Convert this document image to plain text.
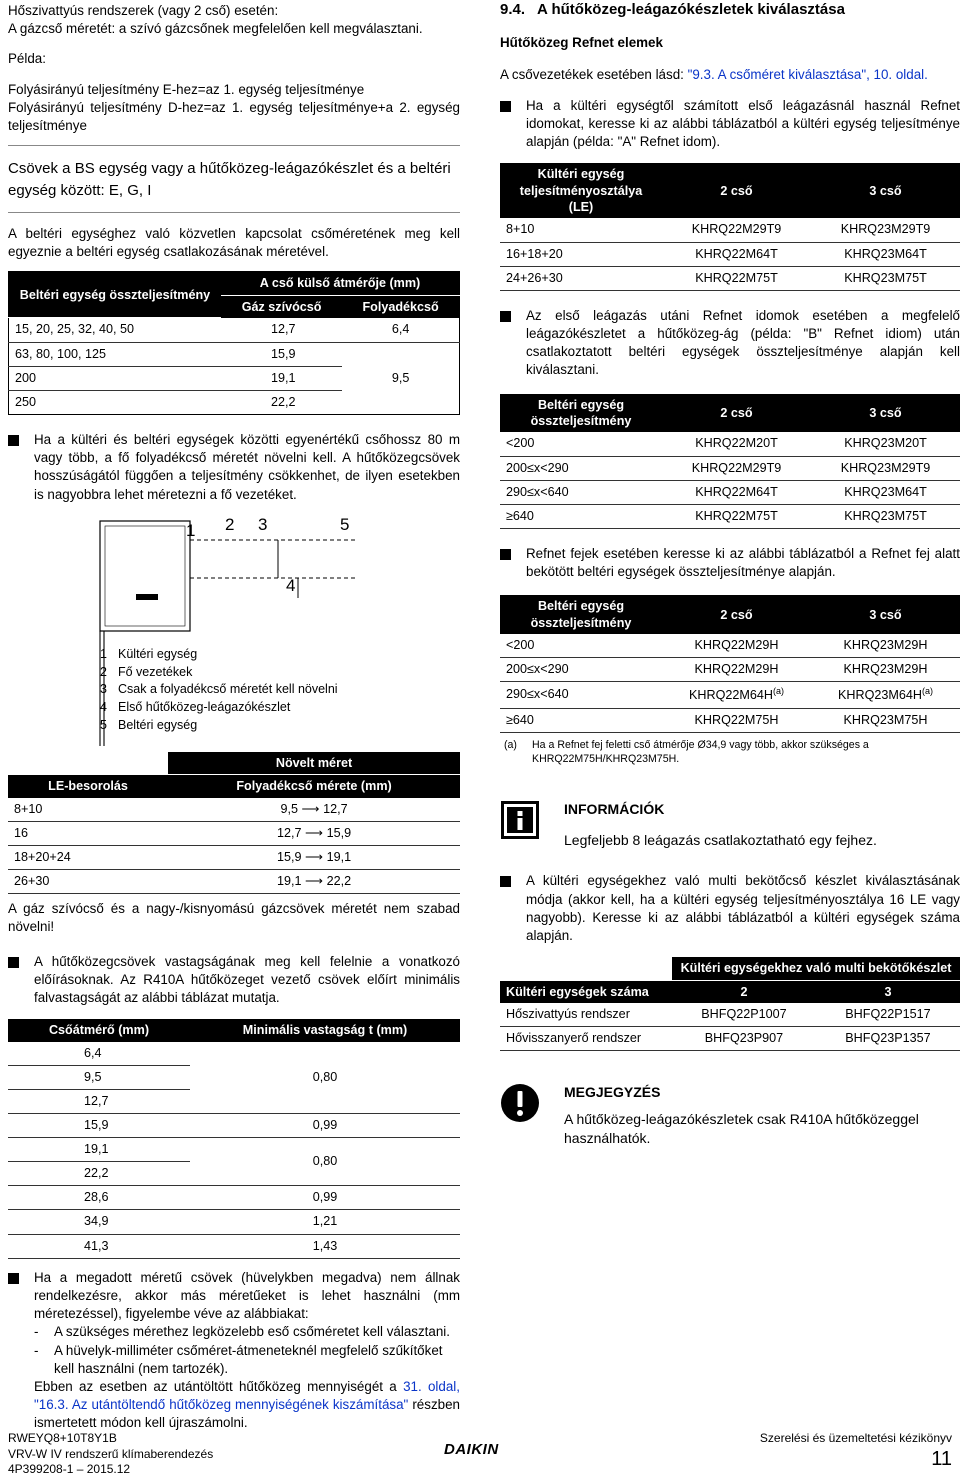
Hőszivattyús rendszerek (vagy 2 cső) esetén:

A gázcső méretét: a szívó gázcsőnek megfelelően kell megválasztani.

Példa:

Folyásirányú teljesítmény E-hez=az 1. egység teljesítménye

Folyásirányú teljesítmény D-hez=az 1. egység teljesítménye+a 2. egység teljesítménye

Csövek a BS egység vagy a hűtőközeg-leágazókészlet és a beltéri egység között: E, G, I

A beltéri egységhez való közvetlen kapcsolat csőméretének meg kell egyeznie a beltéri egység csatlakozásának méretével.

Beltéri egység összteljesítmény	A cső külső átmérője (mm)	
	Gáz szívócső	Folyadékcső
15, 20, 25, 32, 40, 50	12,7	6,4
63, 80, 100, 125	15,9	9,5
200	19,1	
250	22,2	

Ha a kültéri és beltéri egységek közötti egyenértékű csőhossz 80 m vagy több, a fő folyadékcső méretét növelni kell. A hűtőközegcsövek hosszúságától függően a teljesítmény csökkenhet, de ilyen esetekben is nagyobbra lehet méretezni a fő vezetéket.

1 2 3
4
5
1 Kültéri egység
2 Fő vezetékek
3 Csak a folyadékcső méretét kell növelni
4 Első hűtőközeg-leágazókészlet
5 Beltéri egység
	Növelt méret
LE-besorolás	Folyadékcső mérete (mm)
8+10	9,5 ⟶ 12,7
16	12,7 ⟶ 15,9
18+20+24	15,9 ⟶ 19,1
26+30	19,1 ⟶ 22,2

A gáz szívócső és a nagy-/kisnyomású gázcsövek méretét nem szabad növelni!

A hűtőközegcsövek vastagságának meg kell felelnie a vonatkozó előírásoknak. Az R410A hűtőközeget vezető csövek előírt minimális falvastagságát az alábbi táblázat mutatja.

Csőátmérő (mm)	Minimális vastagság t (mm)
6,4	0,80
9,5	
12,7	
15,9	0,99
19,1	0,80
22,2	
28,6	0,99
34,9	1,21
41,3	1,43

Ha a megadott méretű csövek (hüvelykben megadva) nem állnak rendelkezésre, akkor más méretűeket is lehet használni (mm méretezéssel), figyelembe véve az alábbiakat:

-	A szükséges mérethez legközelebb eső csőméretet kell választani.

-	A hüvelyk-milliméter csőméret-átmeneteknél megfelelő szűkítőket kell használni (nem tartozék).

Ebben az esetben az utántöltött hűtőközeg mennyiségét a 31. oldal, "16.3. Az utántöltendő hűtőközeg mennyiségének kiszámítása" részben ismertetett módon kell újraszámolni.

9.4. A hűtőközeg-leágazókészletek kiválasztása

Hűtőközeg Refnet elemek

A csővezetékek esetében lásd: "9.3. A csőméret kiválasztása", 10. oldal.

Ha a kültéri egységtől számított első leágazásnál használ Refnet idomokat, keresse ki az alábbi táblázatból a kültéri egység teljesítménye alapján (példa: "A" Refnet idom).

Kültéri egység teljesítményosztálya (LE)	2 cső	3 cső
8+10	KHRQ22M29T9	KHRQ23M29T9
16+18+20	KHRQ22M64T	KHRQ23M64T
24+26+30	KHRQ22M75T	KHRQ23M75T

Az első leágazás utáni Refnet idomok esetében a megfelelő leágazókészletet a hűtőközeg-ág (példa: "B" Refnet idiom) után csatlakoztatott beltéri egységek összteljesítménye alapján kell kiválasztani.

Beltéri egység összteljesítmény	2 cső	3 cső
<200	KHRQ22M20T	KHRQ23M20T
200≤x<290	KHRQ22M29T9	KHRQ23M29T9
290≤x<640	KHRQ22M64T	KHRQ23M64T
≥640	KHRQ22M75T	KHRQ23M75T

Refnet fejek esetében keresse ki az alábbi táblázatból a Refnet fej alatt bekötött beltéri egységek összteljesítménye alapján.

Beltéri egység összteljesítmény	2 cső	3 cső
<200	KHRQ22M29H	KHRQ23M29H
200≤x<290	KHRQ22M29H	KHRQ23M29H
290≤x<640	$KHRQ22M64H^{(a)}$	$KHRQ23M64H^{(a)}$
≥640	KHRQ22M75H	KHRQ23M75H
(a)	Ha a Refnet fej feletti cső átmérője Ø34,9 vagy több, akkor szükséges a KHRQ22M75H/KHRQ23M75H.

INFORMÁCIÓK

Legfeljebb 8 leágazás csatlakoztatható egy fejhez.

A kültéri egységekhez való multi bekötőcső készlet kiválasztásának módja (akkor kell, ha a kültéri egység teljesítményosztálya 16 LE vagy nagyobb). Keresse ki az alábbi táblázatból a kültéri egységek száma alapján.

	Kültéri egységekhez való multi bekötőkészlet	
Kültéri egységek száma	2	3
Hőszivattyús rendszer	BHFQ22P1007	BHFQ22P1517
Hővisszanyerő rendszer	BHFQ23P907	BHFQ23P1357

MEGJEGYZÉS

A hűtőközeg-leágazókészletek csak R410A hűtőközeggel használhatók.

RWEYQ8+10T8Y1B
VRV-W IV rendszerű klímaberendezés
4P399208-1 – 2015.12
DAIKIN
Szerelési és üzemeltetési kézikönyv
11
